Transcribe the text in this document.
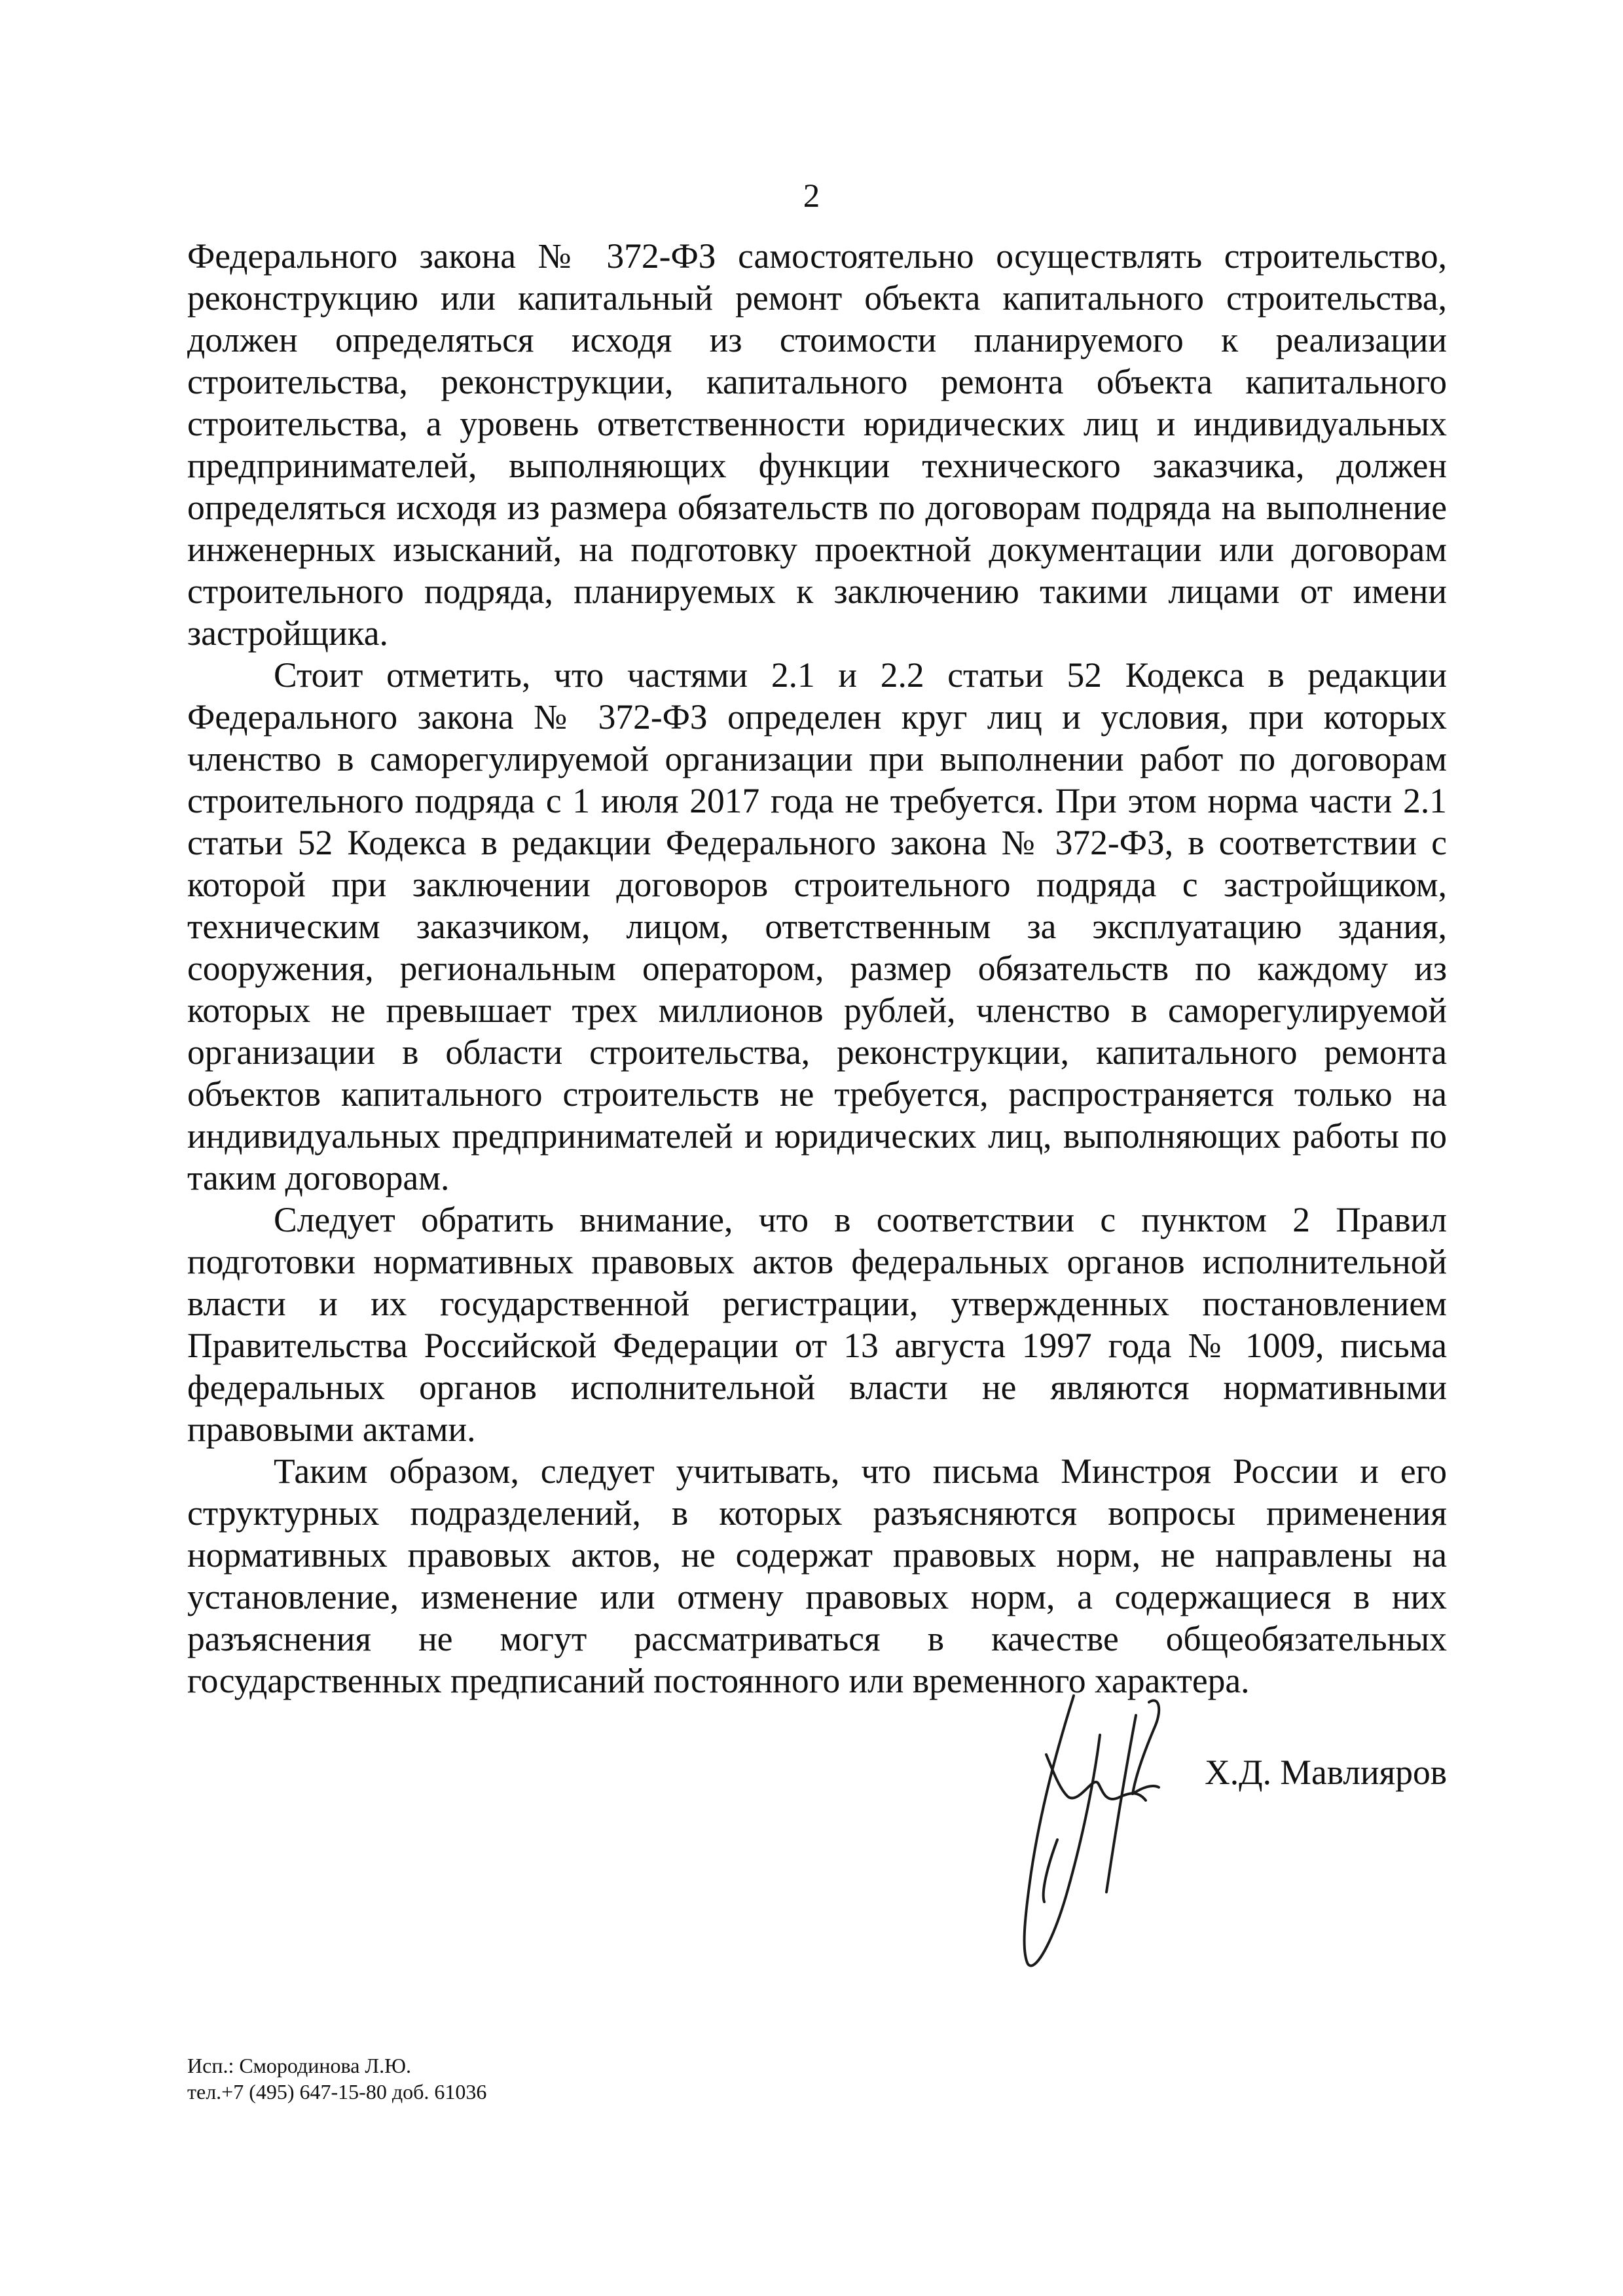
2

Федерального закона № 372-ФЗ самостоятельно осуществлять строительство, реконструкцию или капитальный ремонт объекта капитального строительства, должен определяться исходя из стоимости планируемого к реализации строительства, реконструкции, капитального ремонта объекта капитального строительства, а уровень ответственности юридических лиц и индивидуальных предпринимателей, выполняющих функции технического заказчика, должен определяться исходя из размера обязательств по договорам подряда на выполнение инженерных изысканий, на подготовку проектной документации или договорам строительного подряда, планируемых к заключению такими лицами от имени застройщика.

Стоит отметить, что частями 2.1 и 2.2 статьи 52 Кодекса в редакции Федерального закона № 372-ФЗ определен круг лиц и условия, при которых членство в саморегулируемой организации при выполнении работ по договорам строительного подряда с 1 июля 2017 года не требуется. При этом норма части 2.1 статьи 52 Кодекса в редакции Федерального закона № 372-ФЗ, в соответствии с которой при заключении договоров строительного подряда с застройщиком, техническим заказчиком, лицом, ответственным за эксплуатацию здания, сооружения, региональным оператором, размер обязательств по каждому из которых не превышает трех миллионов рублей, членство в саморегулируемой организации в области строительства, реконструкции, капитального ремонта объектов капитального строительств не требуется, распространяется только на индивидуальных предпринимателей и юридических лиц, выполняющих работы по таким договорам.

Следует обратить внимание, что в соответствии с пунктом 2 Правил подготовки нормативных правовых актов федеральных органов исполнительной власти и их государственной регистрации, утвержденных постановлением Правительства Российской Федерации от 13 августа 1997 года № 1009, письма федеральных органов исполнительной власти не являются нормативными правовыми актами.

Таким образом, следует учитывать, что письма Минстроя России и его структурных подразделений, в которых разъясняются вопросы применения нормативных правовых актов, не содержат правовых норм, не направлены на установление, изменение или отмену правовых норм, а содержащиеся в них разъяснения не могут рассматриваться в качестве общеобязательных государственных предписаний постоянного или временного характера.

Х.Д. Мавлияров
Исп.: Смородинова Л.Ю.
тел.+7 (495) 647-15-80 доб. 61036
